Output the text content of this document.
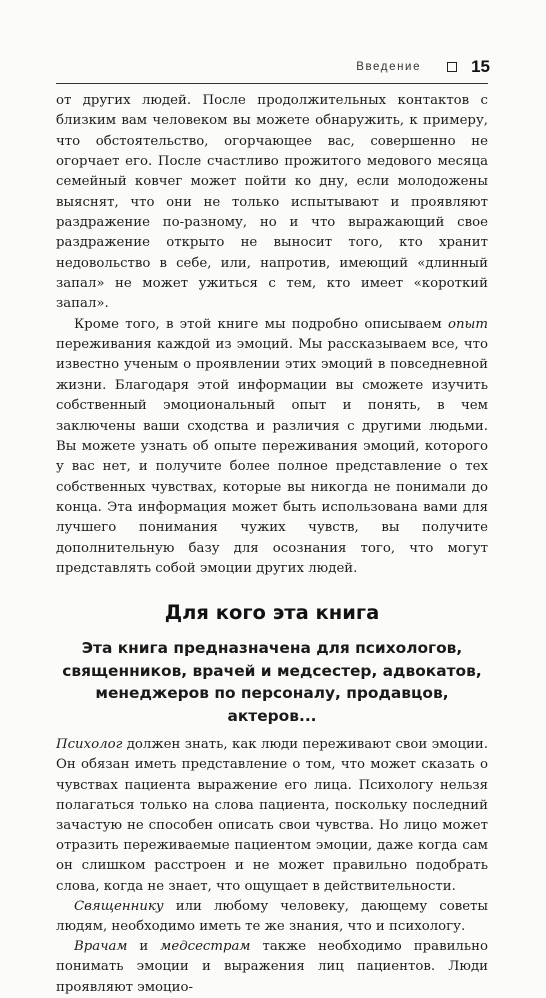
Введение	15

от других людей. После продолжительных контактов с близким вам человеком вы можете обнаружить, к примеру, что обстоятельство, огорчающее вас, совершенно не огорчает его. После счастливо прожитого медового месяца семейный ковчег может пойти ко дну, если молодожены выяснят, что они не только испытывают и проявляют раздражение по-разному, но и что выражающий свое раздражение открыто не выносит того, кто хранит недовольство в себе, или, напротив, имеющий «длинный запал» не может ужиться с тем, кто имеет «короткий запал».

Кроме того, в этой книге мы подробно описываем опыт переживания каждой из эмоций. Мы рассказываем все, что известно ученым о проявлении этих эмоций в повседневной жизни. Благодаря этой информации вы сможете изучить собственный эмоциональный опыт и понять, в чем заключены ваши сходства и различия с другими людьми. Вы можете узнать об опыте переживания эмоций, которого у вас нет, и получите более полное представление о тех собственных чувствах, которые вы никогда не понимали до конца. Эта информация может быть использована вами для лучшего понимания чужих чувств, вы получите дополнительную базу для осознания того, что могут представлять собой эмоции других людей.

Для кого эта книга
Эта книга предназначена для психологов, священников, врачей и медсестер, адвокатов, менеджеров по персоналу, продавцов, актеров...

Психолог должен знать, как люди переживают свои эмоции. Он обязан иметь представление о том, что может сказать о чувствах пациента выражение его лица. Психологу нельзя полагаться только на слова пациента, поскольку последний зачастую не способен описать свои чувства. Но лицо может отразить переживаемые пациентом эмоции, даже когда сам он слишком расстроен и не может правильно подобрать слова, когда не знает, что ощущает в действительности.

Священнику или любому человеку, дающему советы людям, необходимо иметь те же знания, что и психологу.

Врачам и медсестрам также необходимо правильно понимать эмоции и выражения лиц пациентов. Люди проявляют эмоцио-
